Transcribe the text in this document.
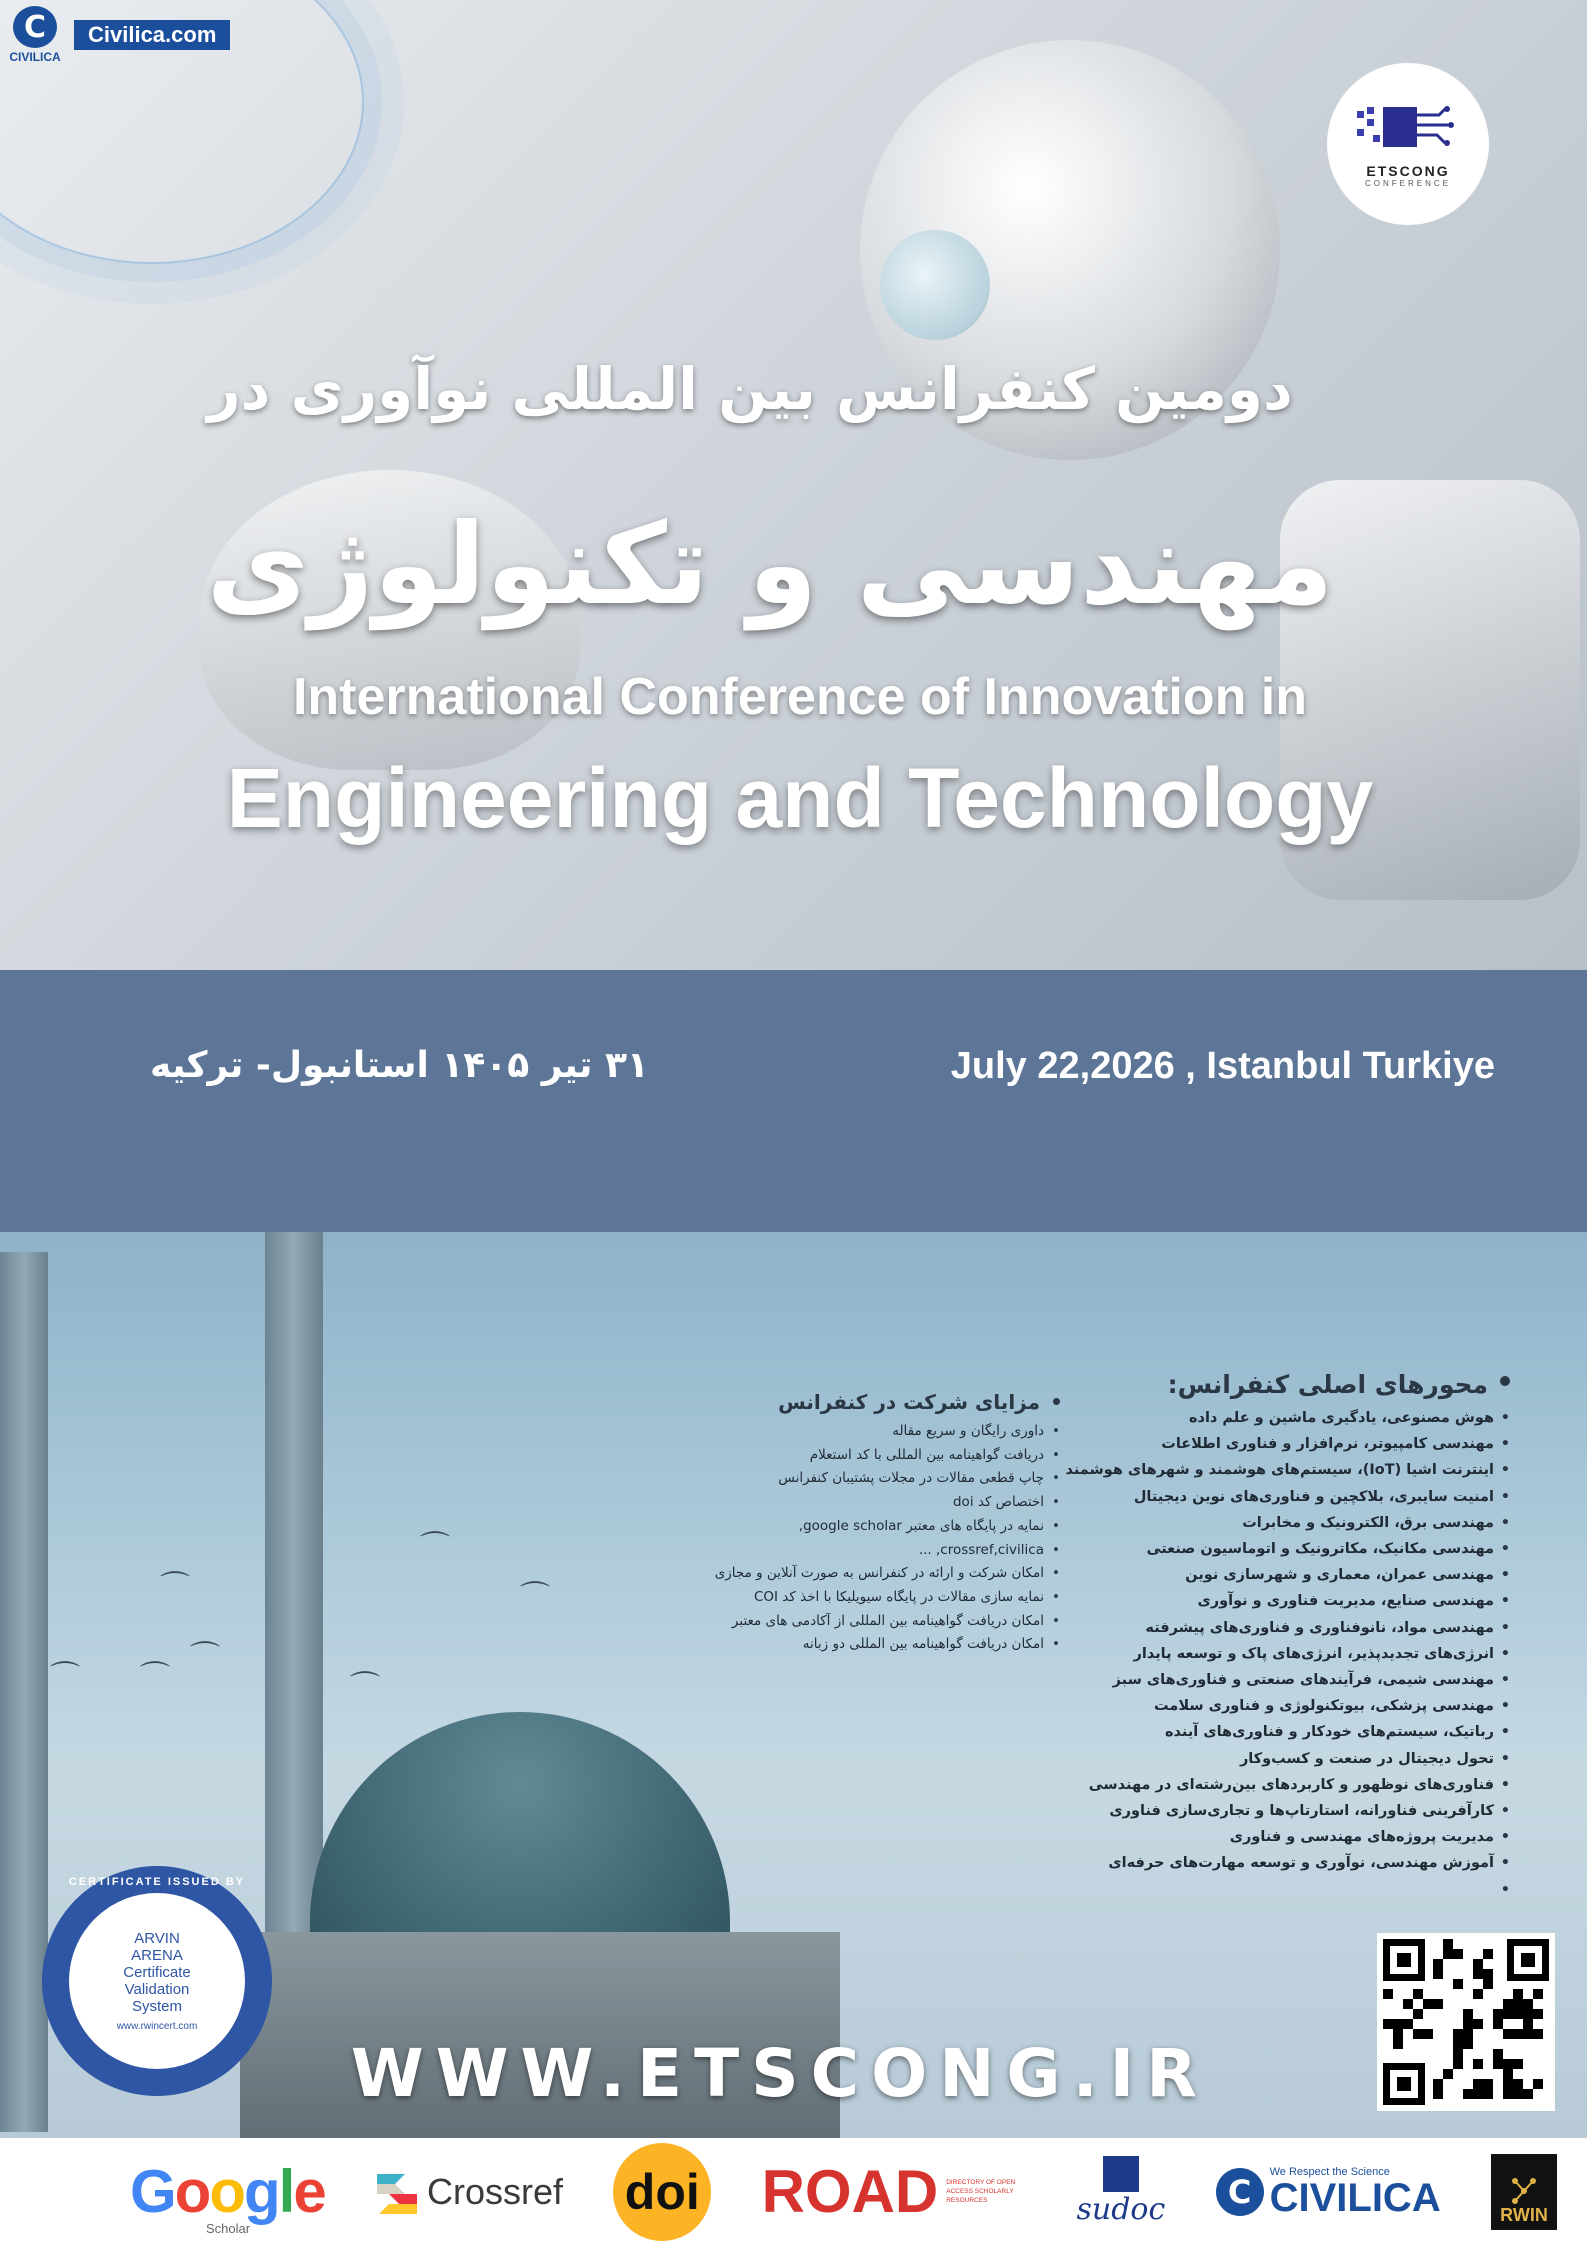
C
CIVILICA
Civilica.com
ETSCONG
CONFERENCE
دومین کنفرانس بین المللی نوآوری در
مهندسی و تکنولوژی
International Conference of Innovation in
Engineering and Technology
۳۱ تیر ۱۴۰۵ استانبول- ترکیه	July 22,2026 , Istanbul Turkiye
⌒
⌒
⌒
⌒
⌒
⌒
⌒
محورهای اصلی کنفرانس:
• هوش مصنوعی، یادگیری ماشین و علم داده
• مهندسی کامپیوتر، نرم‌افزار و فناوری اطلاعات
• اینترنت اشیا (IoT)، سیستم‌های هوشمند و شهرهای هوشمند
• امنیت سایبری، بلاکچین و فناوری‌های نوین دیجیتال
• مهندسی برق، الکترونیک و مخابرات
• مهندسی مکانیک، مکاترونیک و اتوماسیون صنعتی
• مهندسی عمران، معماری و شهرسازی نوین
• مهندسی صنایع، مدیریت فناوری و نوآوری
• مهندسی مواد، نانوفناوری و فناوری‌های پیشرفته
• انرژی‌های تجدیدپذیر، انرژی‌های پاک و توسعه پایدار
• مهندسی شیمی، فرآیندهای صنعتی و فناوری‌های سبز
• مهندسی پزشکی، بیوتکنولوژی و فناوری سلامت
• رباتیک، سیستم‌های خودکار و فناوری‌های آینده
• تحول دیجیتال در صنعت و کسب‌وکار
• فناوری‌های نوظهور و کاربردهای بین‌رشته‌ای در مهندسی
• کارآفرینی فناورانه، استارتاپ‌ها و تجاری‌سازی فناوری
• مدیریت پروژه‌های مهندسی و فناوری
• آموزش مهندسی، نوآوری و توسعه مهارت‌های حرفه‌ای
مزایای شرکت در کنفرانس
• داوری رایگان و سریع مقاله
• دریافت گواهینامه بین المللی با کد استعلام
• چاپ قطعی مقالات در مجلات پشتیبان کنفرانس
• اختصاص کد doi
• نمایه در پایگاه های معتبر google scholar,
• crossref,civilica, ...
• امکان شرکت و ارائه در کنفرانس به صورت آنلاین و مجازی
• نمایه سازی مقالات در پایگاه سیویلیکا با اخذ کد COI
• امکان دریافت گواهینامه بین المللی از آکادمی های معتبر
• امکان دریافت گواهینامه بین المللی دو زبانه
CERTIFICATE ISSUED BY
ARVIN
ARENA
Certificate
Validation
System
www.rwincert.com
WWW.ETSCONG.IR
Google
Scholar
Crossref doi ROAD DIRECTORY OF OPEN ACCESS SCHOLARLY RESOURCES	sudoc	C
We Respect the Science
CIVILICA	RWIN
